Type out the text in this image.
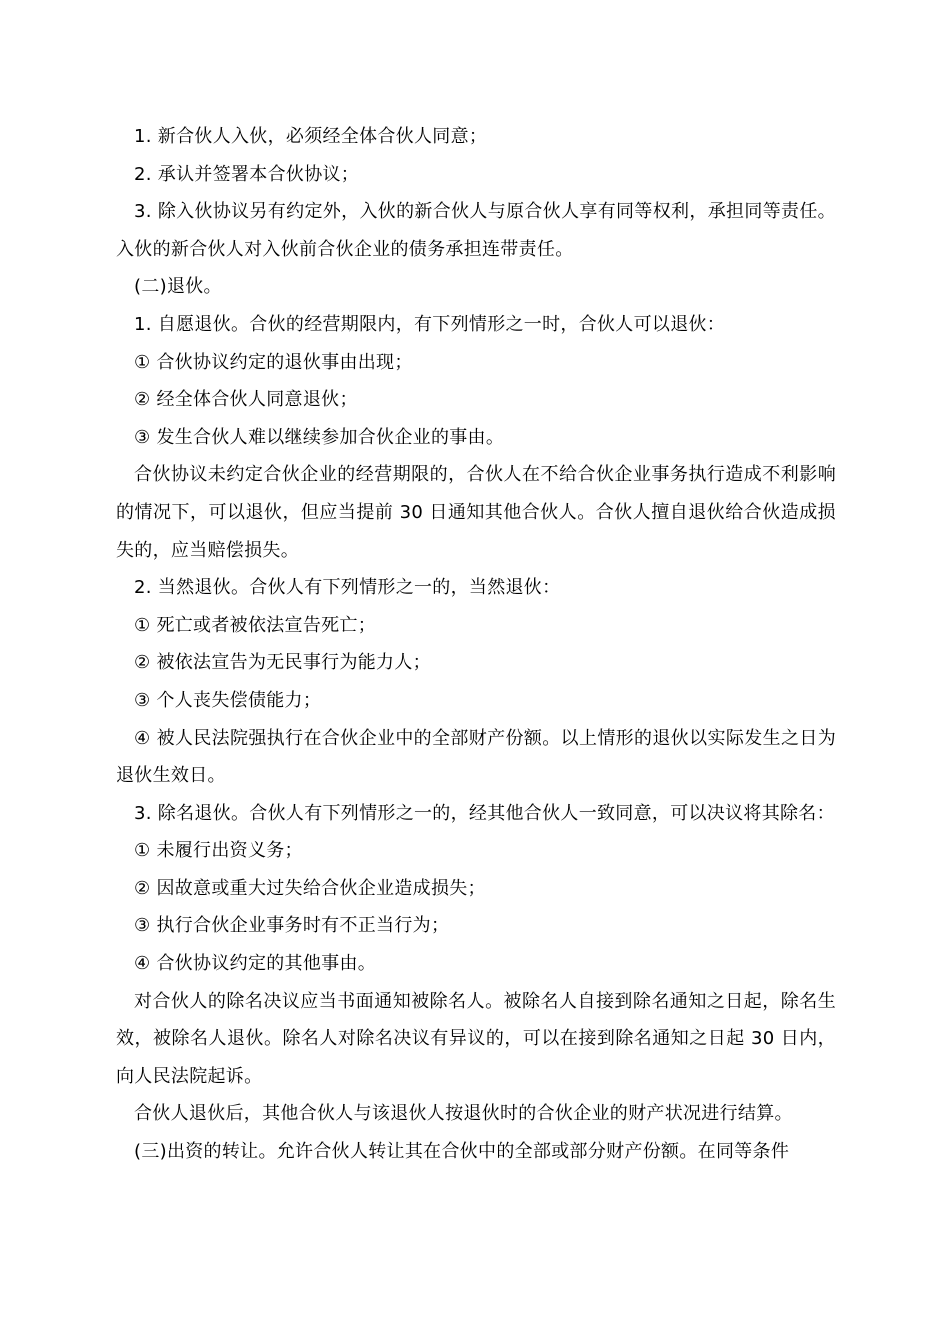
1. 新合伙人入伙，必须经全体合伙人同意；

2. 承认并签署本合伙协议；

3. 除入伙协议另有约定外，入伙的新合伙人与原合伙人享有同等权利，承担同等责任。入伙的新合伙人对入伙前合伙企业的债务承担连带责任。

(二)退伙。

1. 自愿退伙。合伙的经营期限内，有下列情形之一时，合伙人可以退伙：

① 合伙协议约定的退伙事由出现；

② 经全体合伙人同意退伙；

③ 发生合伙人难以继续参加合伙企业的事由。

合伙协议未约定合伙企业的经营期限的，合伙人在不给合伙企业事务执行造成不利影响的情况下，可以退伙，但应当提前 30 日通知其他合伙人。合伙人擅自退伙给合伙造成损失的，应当赔偿损失。

2. 当然退伙。合伙人有下列情形之一的，当然退伙：

① 死亡或者被依法宣告死亡；

② 被依法宣告为无民事行为能力人；

③ 个人丧失偿债能力；

④ 被人民法院强执行在合伙企业中的全部财产份额。以上情形的退伙以实际发生之日为退伙生效日。

3. 除名退伙。合伙人有下列情形之一的，经其他合伙人一致同意，可以决议将其除名：

① 未履行出资义务；

② 因故意或重大过失给合伙企业造成损失；

③ 执行合伙企业事务时有不正当行为；

④ 合伙协议约定的其他事由。

对合伙人的除名决议应当书面通知被除名人。被除名人自接到除名通知之日起，除名生效，被除名人退伙。除名人对除名决议有异议的，可以在接到除名通知之日起 30 日内，向人民法院起诉。

合伙人退伙后，其他合伙人与该退伙人按退伙时的合伙企业的财产状况进行结算。

(三)出资的转让。允许合伙人转让其在合伙中的全部或部分财产份额。在同等条件
